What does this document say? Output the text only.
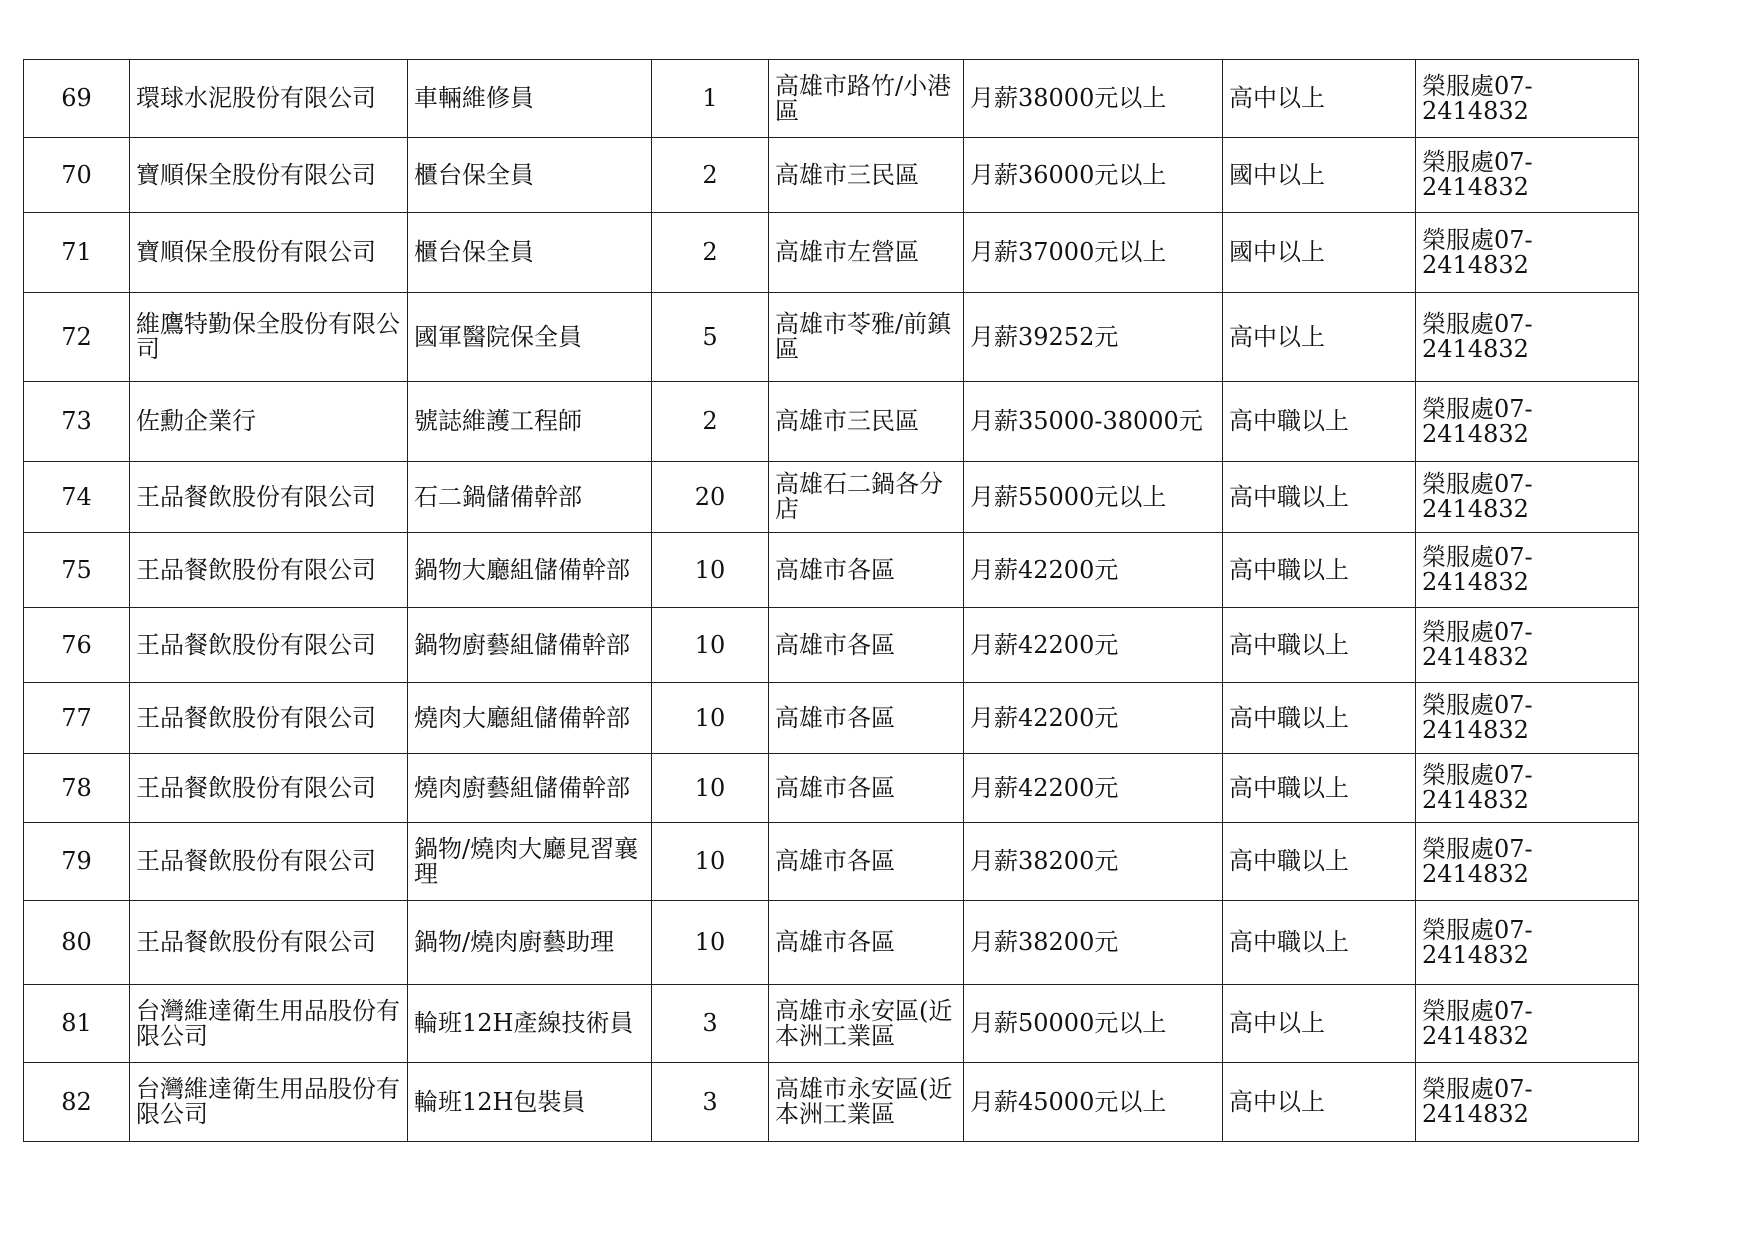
69	環球水泥股份有限公司	車輛維修員	1	高雄市路竹/小港區	月薪38000元以上	高中以上	榮服處07-2414832
70	寶順保全股份有限公司	櫃台保全員	2	高雄市三民區	月薪36000元以上	國中以上	榮服處07-2414832
71	寶順保全股份有限公司	櫃台保全員	2	高雄市左營區	月薪37000元以上	國中以上	榮服處07-2414832
72	維鷹特勤保全股份有限公司	國軍醫院保全員	5	高雄市苓雅/前鎮區	月薪39252元	高中以上	榮服處07-2414832
73	佐勳企業行	號誌維護工程師	2	高雄市三民區	月薪35000-38000元	高中職以上	榮服處07-2414832
74	王品餐飲股份有限公司	石二鍋儲備幹部	20	高雄石二鍋各分店	月薪55000元以上	高中職以上	榮服處07-2414832
75	王品餐飲股份有限公司	鍋物大廳組儲備幹部	10	高雄市各區	月薪42200元	高中職以上	榮服處07-2414832
76	王品餐飲股份有限公司	鍋物廚藝組儲備幹部	10	高雄市各區	月薪42200元	高中職以上	榮服處07-2414832
77	王品餐飲股份有限公司	燒肉大廳組儲備幹部	10	高雄市各區	月薪42200元	高中職以上	榮服處07-2414832
78	王品餐飲股份有限公司	燒肉廚藝組儲備幹部	10	高雄市各區	月薪42200元	高中職以上	榮服處07-2414832
79	王品餐飲股份有限公司	鍋物/燒肉大廳見習襄理	10	高雄市各區	月薪38200元	高中職以上	榮服處07-2414832
80	王品餐飲股份有限公司	鍋物/燒肉廚藝助理	10	高雄市各區	月薪38200元	高中職以上	榮服處07-2414832
81	台灣維達衛生用品股份有限公司	輪班12H產線技術員	3	高雄市永安區(近本洲工業區	月薪50000元以上	高中以上	榮服處07-2414832
82	台灣維達衛生用品股份有限公司	輪班12H包裝員	3	高雄市永安區(近本洲工業區	月薪45000元以上	高中以上	榮服處07-2414832
